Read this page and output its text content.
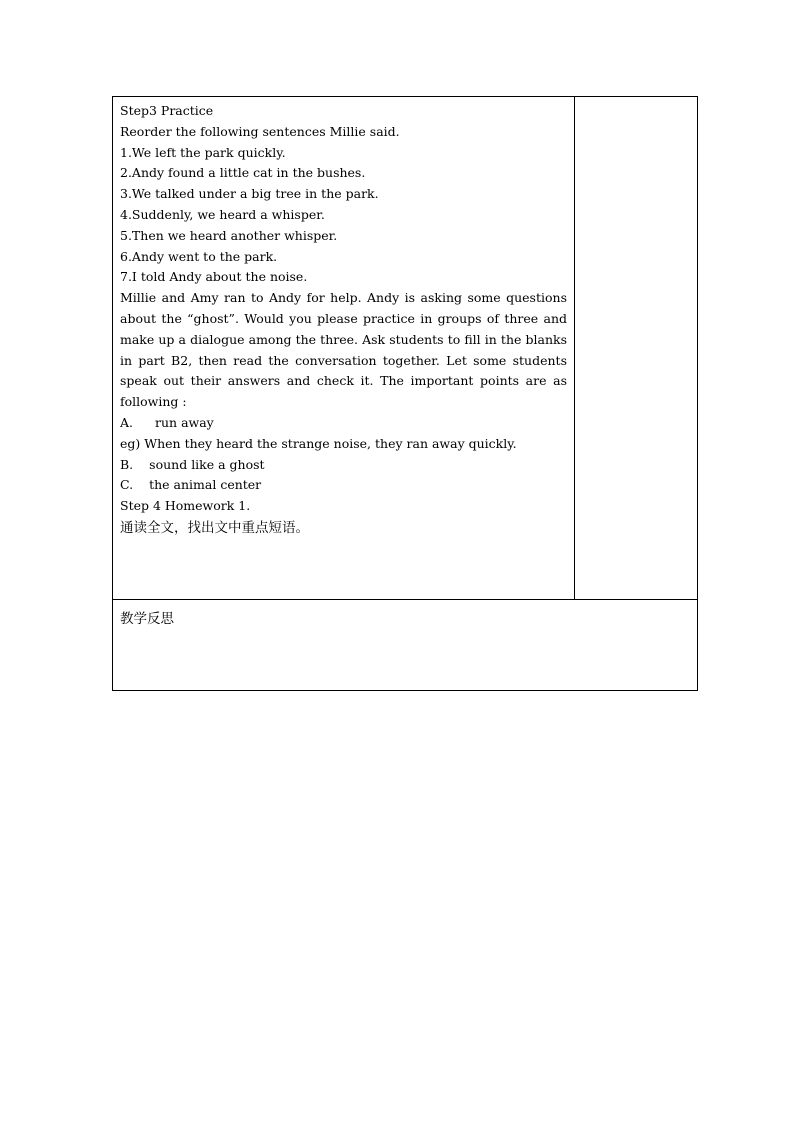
Step3 Practice
Reorder the following sentences Millie said.
1.We left the park quickly.
2.Andy found a little cat in the bushes.
3.We talked under a big tree in the park.
4.Suddenly, we heard a whisper.
5.Then we heard another whisper.
6.Andy went to the park.
7.I told Andy about the noise.
Millie and Amy ran to Andy for help. Andy is asking some questions about the “ghost”. Would you please practice in groups of three and make up a dialogue among the three. Ask students to fill in the blanks in part B2, then read the conversation together. Let some students speak out their answers and check it. The important points are as following :
A. run away
eg) When they heard the strange noise, they ran away quickly.
B. sound like a ghost
C. the animal center
Step 4 Homework 1.
通读全文，找出文中重点短语。

教学反思
